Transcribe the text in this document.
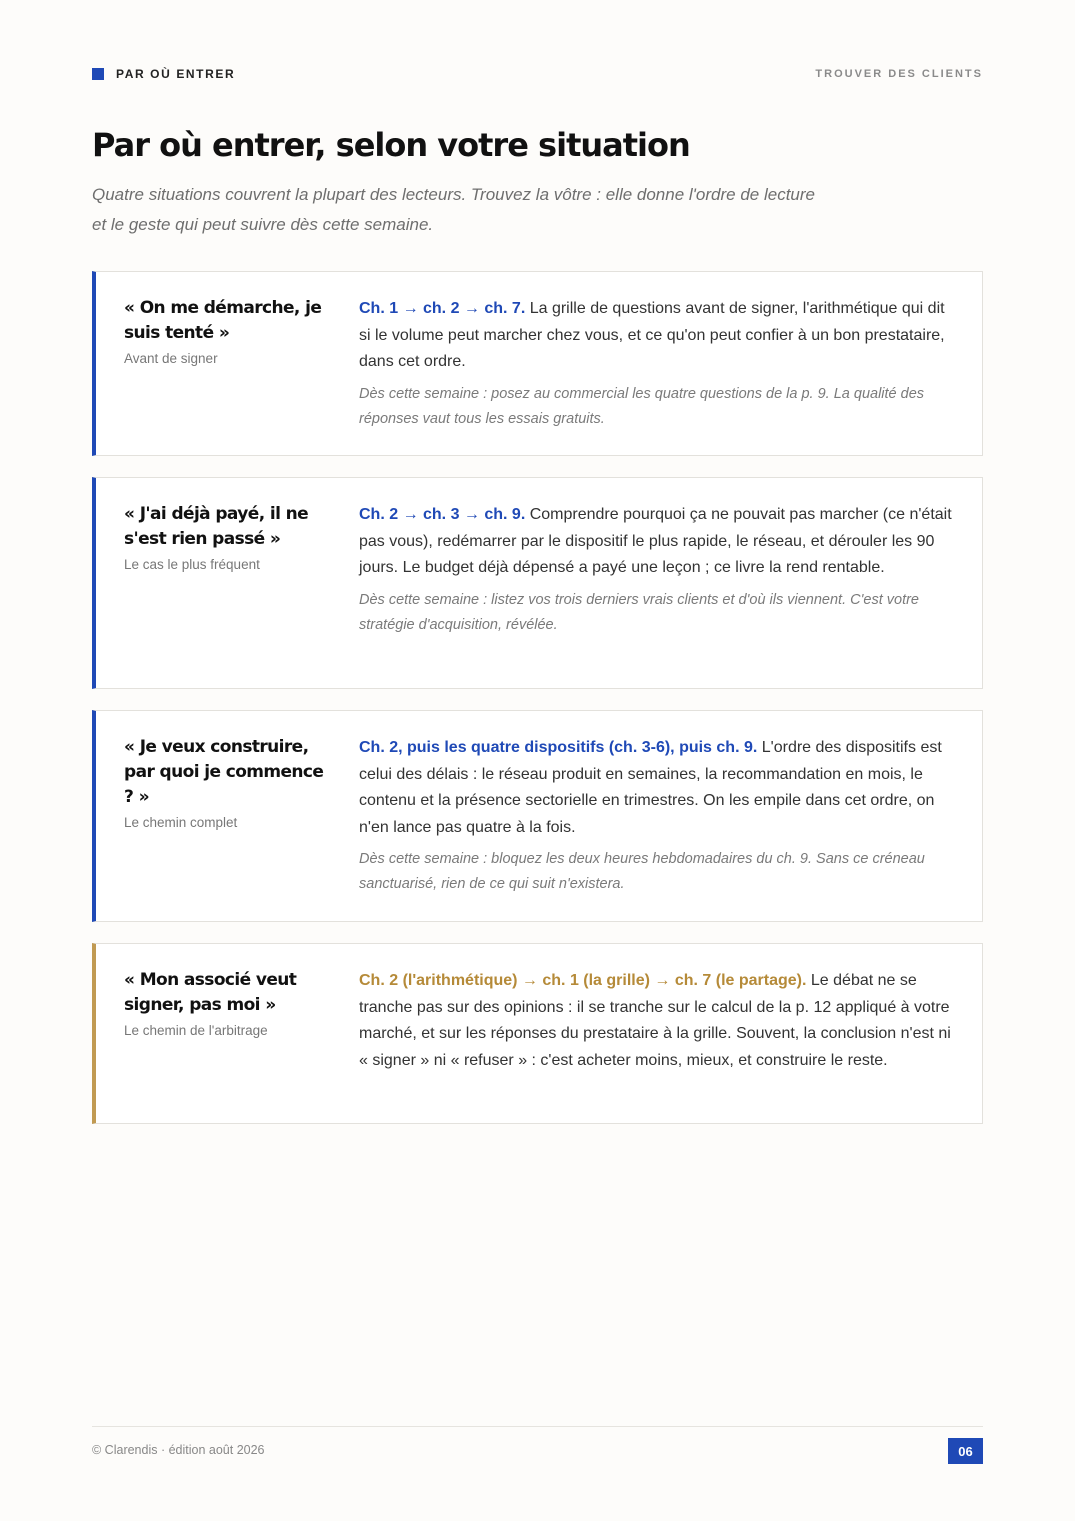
PAR OÙ ENTRER	TROUVER DES CLIENTS
Par où entrer, selon votre situation

Quatre situations couvrent la plupart des lecteurs. Trouvez la vôtre : elle donne l'ordre de lecture et le geste qui peut suivre dès cette semaine.

« On me démarche, je suis tenté »
Avant de signer

Ch. 1 → ch. 2 → ch. 7. La grille de questions avant de signer, l'arithmétique qui dit si le volume peut marcher chez vous, et ce qu'on peut confier à un bon prestataire, dans cet ordre.

Dès cette semaine : posez au commercial les quatre questions de la p. 9. La qualité des réponses vaut tous les essais gratuits.

« J'ai déjà payé, il ne s'est rien passé »
Le cas le plus fréquent

Ch. 2 → ch. 3 → ch. 9. Comprendre pourquoi ça ne pouvait pas marcher (ce n'était pas vous), redémarrer par le dispositif le plus rapide, le réseau, et dérouler les 90 jours. Le budget déjà dépensé a payé une leçon ; ce livre la rend rentable.

Dès cette semaine : listez vos trois derniers vrais clients et d'où ils viennent. C'est votre stratégie d'acquisition, révélée.

« Je veux construire, par quoi je commence ? »
Le chemin complet

Ch. 2, puis les quatre dispositifs (ch. 3-6), puis ch. 9. L'ordre des dispositifs est celui des délais : le réseau produit en semaines, la recommandation en mois, le contenu et la présence sectorielle en trimestres. On les empile dans cet ordre, on n'en lance pas quatre à la fois.

Dès cette semaine : bloquez les deux heures hebdomadaires du ch. 9. Sans ce créneau sanctuarisé, rien de ce qui suit n'existera.

« Mon associé veut signer, pas moi »
Le chemin de l'arbitrage

Ch. 2 (l'arithmétique) → ch. 1 (la grille) → ch. 7 (le partage). Le débat ne se tranche pas sur des opinions : il se tranche sur le calcul de la p. 12 appliqué à votre marché, et sur les réponses du prestataire à la grille. Souvent, la conclusion n'est ni « signer » ni « refuser » : c'est acheter moins, mieux, et construire le reste.

© Clarendis · édition août 2026	06
